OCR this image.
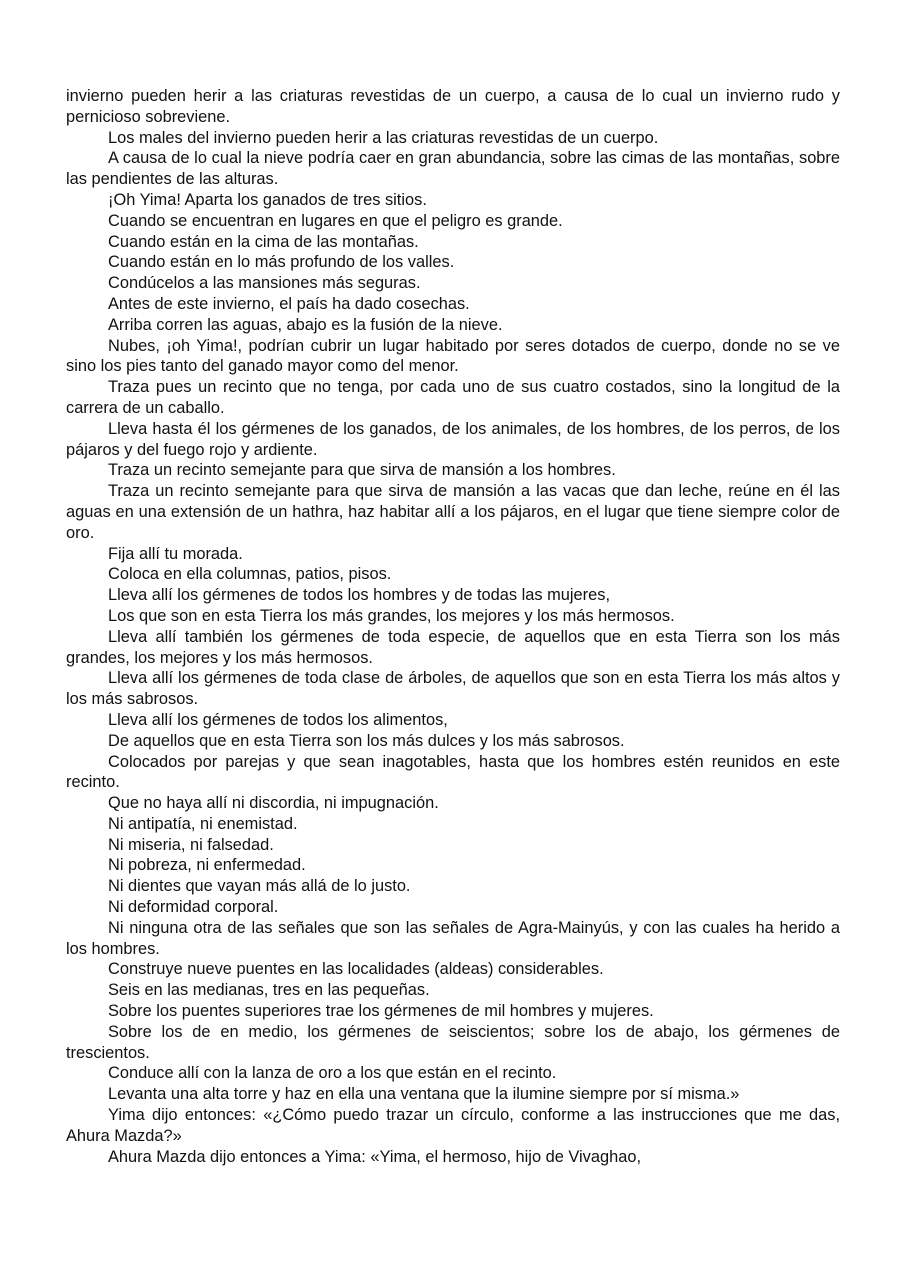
invierno pueden herir a las criaturas revestidas de un cuerpo, a causa de lo cual un invierno rudo y pernicioso sobreviene.

Los males del invierno pueden herir a las criaturas revestidas de un cuerpo.

A causa de lo cual la nieve podría caer en gran abundancia, sobre las cimas de las montañas, sobre las pendientes de las alturas.

¡Oh Yima! Aparta los ganados de tres sitios.

Cuando se encuentran en lugares en que el peligro es grande.

Cuando están en la cima de las montañas.

Cuando están en lo más profundo de los valles.

Condúcelos a las mansiones más seguras.

Antes de este invierno, el país ha dado cosechas.

Arriba corren las aguas, abajo es la fusión de la nieve.

Nubes, ¡oh Yima!, podrían cubrir un lugar habitado por seres dotados de cuerpo, donde no se ve sino los pies tanto del ganado mayor como del menor.

Traza pues un recinto que no tenga, por cada uno de sus cuatro costados, sino la longitud de la carrera de un caballo.

Lleva hasta él los gérmenes de los ganados, de los animales, de los hombres, de los perros, de los pájaros y del fuego rojo y ardiente.

Traza un recinto semejante para que sirva de mansión a los hombres.

Traza un recinto semejante para que sirva de mansión a las vacas que dan leche, reúne en él las aguas en una extensión de un hathra, haz habitar allí a los pájaros, en el lugar que tiene siempre color de oro.

Fija allí tu morada.

Coloca en ella columnas, patios, pisos.

Lleva allí los gérmenes de todos los hombres y de todas las mujeres,

Los que son en esta Tierra los más grandes, los mejores y los más hermosos.

Lleva allí también los gérmenes de toda especie, de aquellos que en esta Tierra son los más grandes, los mejores y los más hermosos.

Lleva allí los gérmenes de toda clase de árboles, de aquellos que son en esta Tierra los más altos y los más sabrosos.

Lleva allí los gérmenes de todos los alimentos,

De aquellos que en esta Tierra son los más dulces y los más sabrosos.

Colocados por parejas y que sean inagotables, hasta que los hombres estén reunidos en este recinto.

Que no haya allí ni discordia, ni impugnación.

Ni antipatía, ni enemistad.

Ni miseria, ni falsedad.

Ni pobreza, ni enfermedad.

Ni dientes que vayan más allá de lo justo.

Ni deformidad corporal.

Ni ninguna otra de las señales que son las señales de Agra-Mainyús, y con las cuales ha herido a los hombres.

Construye nueve puentes en las localidades (aldeas) considerables.

Seis en las medianas, tres en las pequeñas.

Sobre los puentes superiores trae los gérmenes de mil hombres y mujeres.

Sobre los de en medio, los gérmenes de seiscientos; sobre los de abajo, los gérmenes de trescientos.

Conduce allí con la lanza de oro a los que están en el recinto.

Levanta una alta torre y haz en ella una ventana que la ilumine siempre por sí misma.»

Yima dijo entonces: «¿Cómo puedo trazar un círculo, conforme a las instrucciones que me das, Ahura Mazda?»

Ahura Mazda dijo entonces a Yima: «Yima, el hermoso, hijo de Vivaghao,
